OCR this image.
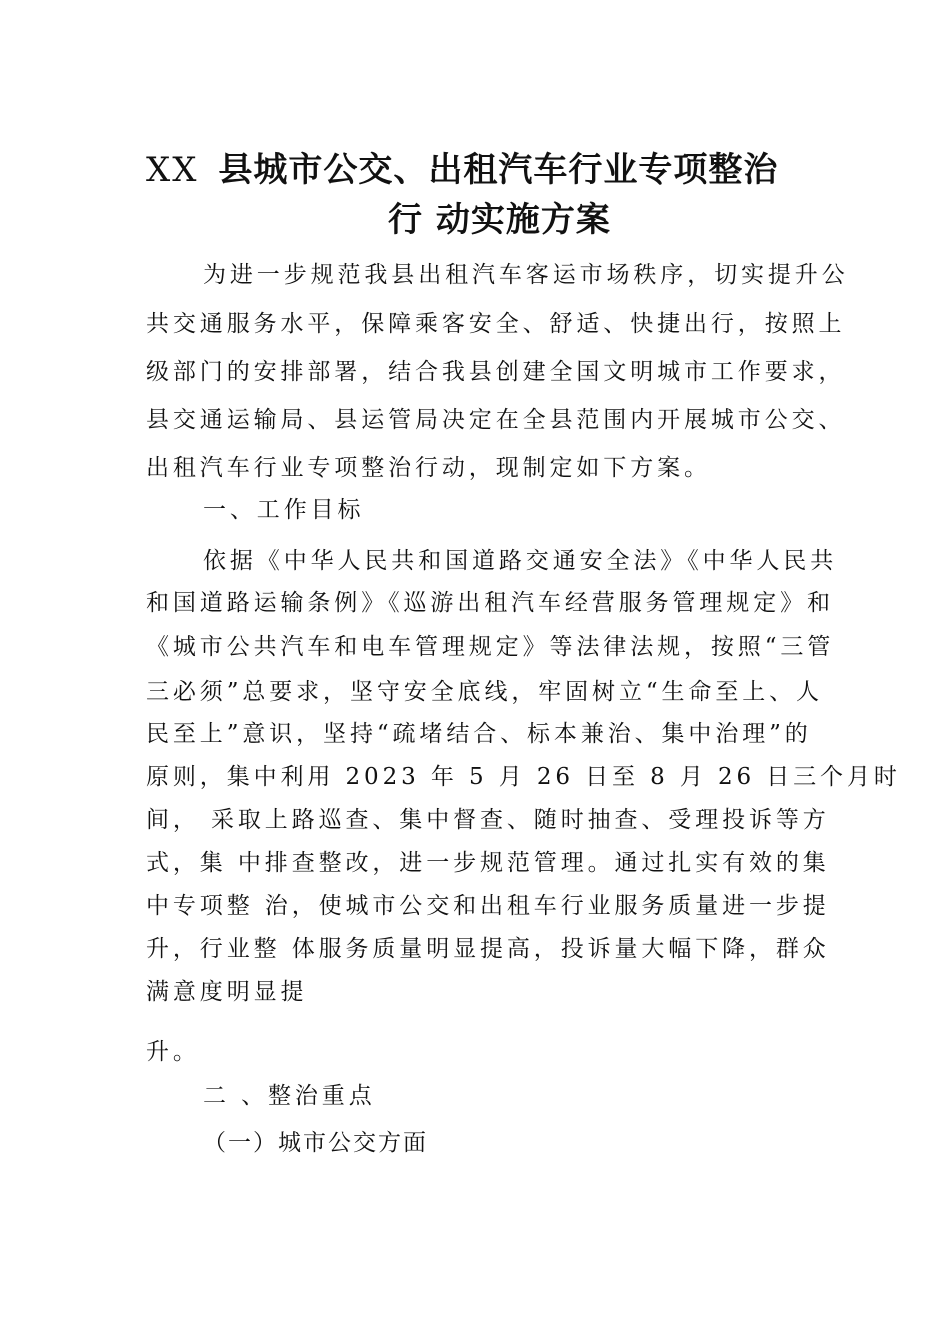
XX 县城市公交、出租汽车行业专项整治
行 动实施方案
为进一步规范我县出租汽车客运市场秩序，切实提升公
共交通服务水平，保障乘客安全、舒适、快捷出行，按照上
级部门的安排部署，结合我县创建全国文明城市工作要求，
县交通运输局、县运管局决定在全县范围内开展城市公交、
出租汽车行业专项整治行动，现制定如下方案。
一、工作目标
依据《中华人民共和国道路交通安全法》《中华人民共
和国道路运输条例》《巡游出租汽车经营服务管理规定》和
《城市公共汽车和电车管理规定》等法律法规，按照“三管
三必须”总要求，坚守安全底线，牢固树立“生命至上、人
民至上”意识，坚持“疏堵结合、标本兼治、集中治理”的
原则，集中利用 2023 年 5 月 26 日至 8 月 26 日三个月时
间， 采取上路巡查、集中督查、随时抽查、受理投诉等方
式，集 中排查整改，进一步规范管理。通过扎实有效的集
中专项整 治，使城市公交和出租车行业服务质量进一步提
升，行业整 体服务质量明显提高，投诉量大幅下降，群众
满意度明显提
升。
二 、整治重点
（一）城市公交方面
